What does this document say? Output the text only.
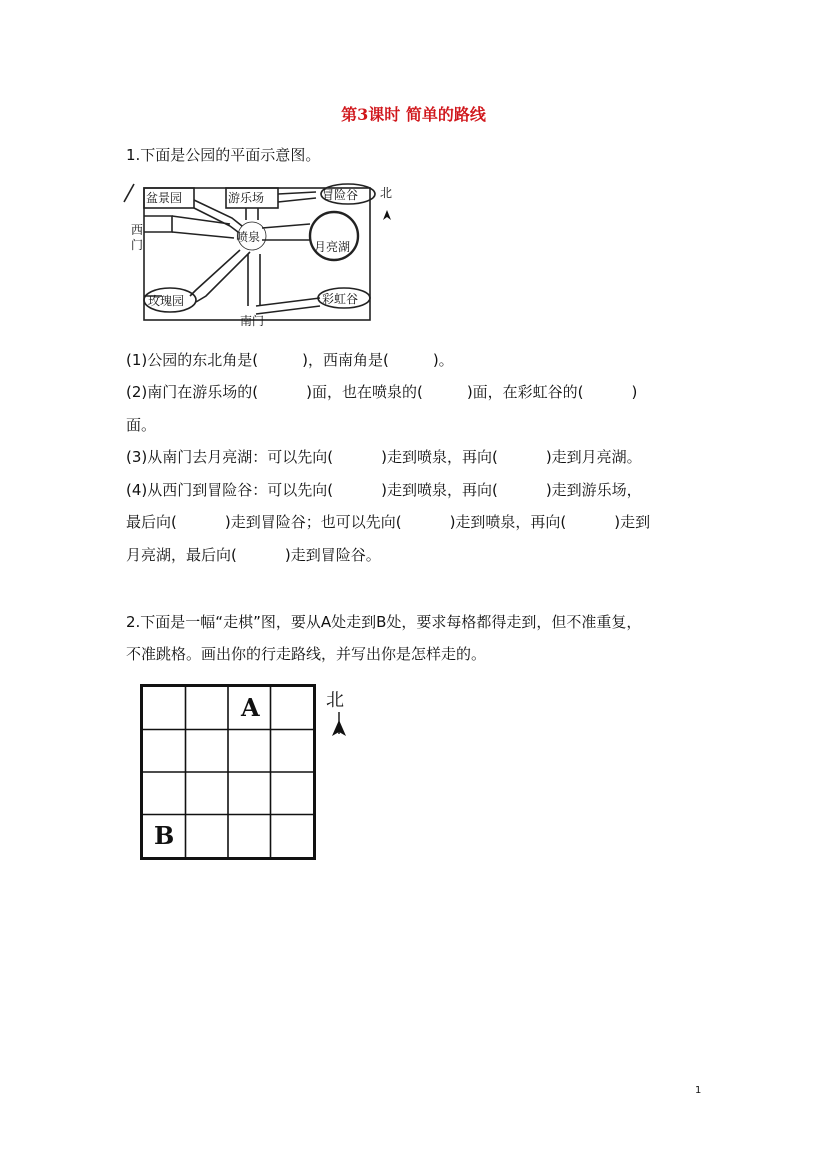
第3课时 简单的路线
1.下面是公园的平面示意图。
盆景园	游乐场	冒险谷 北
西
门
喷泉
月亮湖
玫瑰园	彩虹谷
南门
(1)公园的东北角是(	)，西南角是(	)。
(2)南门在游乐场的(	)面，也在喷泉的(	)面，在彩虹谷的(	)
面。
(3)从南门去月亮湖：可以先向(	)走到喷泉，再向(	)走到月亮湖。
(4)从西门到冒险谷：可以先向(	)走到喷泉，再向(	)走到游乐场，
最后向(	)走到冒险谷；也可以先向(	)走到喷泉，再向(	)走到
月亮湖，最后向(	)走到冒险谷。
2.下面是一幅“走棋”图，要从A处走到B处，要求每格都得走到，但不准重复，
不准跳格。画出你的行走路线，并写出你是怎样走的。
A
B
北
1
